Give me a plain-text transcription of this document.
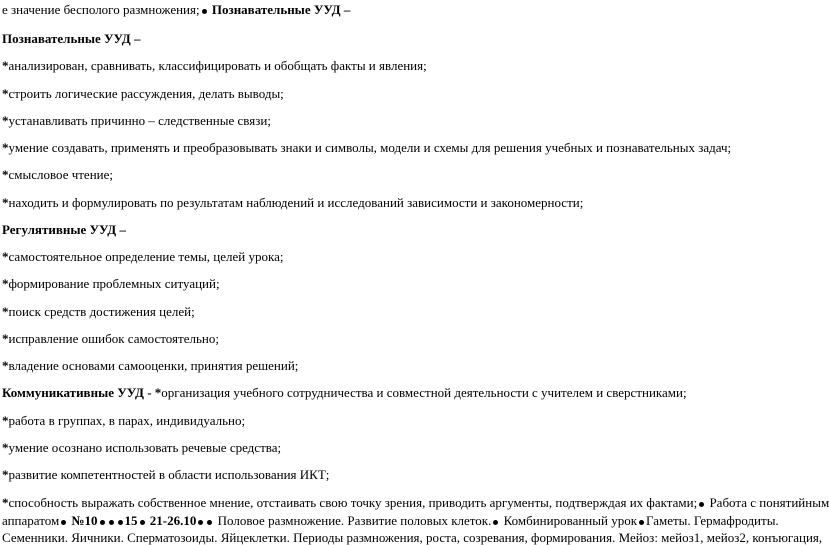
е значение бесполого размножения; Познавательные УУД –
Познавательные УУД –
*анализирован, сравнивать, классифицировать и обобщать факты и явления;
*строить логические рассуждения, делать выводы;
*устанавливать причинно – следственные связи;
*умение создавать, применять и преобразовывать знаки и символы, модели и схемы для решения учебных и познавательных задач;
*смысловое чтение;
*находить и формулировать по результатам наблюдений и исследований зависимости и закономерности;
Регулятивные УУД –
*самостоятельное определение темы, целей урока;
*формирование проблемных ситуаций;
*поиск средств достижения целей;
*исправление ошибок самостоятельно;
*владение основами самооценки, принятия решений;
Коммуникативные УУД - *организация учебного сотрудничества и совместной деятельности с учителем и сверстниками;
*работа в группах, в парах, индивидуально;
*умение осознано использовать речевые средства;
*развитие компетентностей в области использования ИКТ;
*способность выражать собственное мнение, отстаивать свою точку зрения, приводить аргументы, подтверждая их фактами; Работа с понятийным
аппаратом №10 15 21-26.10 Половое размножение. Развитие половых клеток. Комбинированный урок Гаметы. Гермафродиты.
Семенники. Яичники. Сперматозоиды. Яйцеклетки. Периоды размножения, роста, созревания, формирования. Мейоз: мейоз1, мейоз2, конъюгация,
